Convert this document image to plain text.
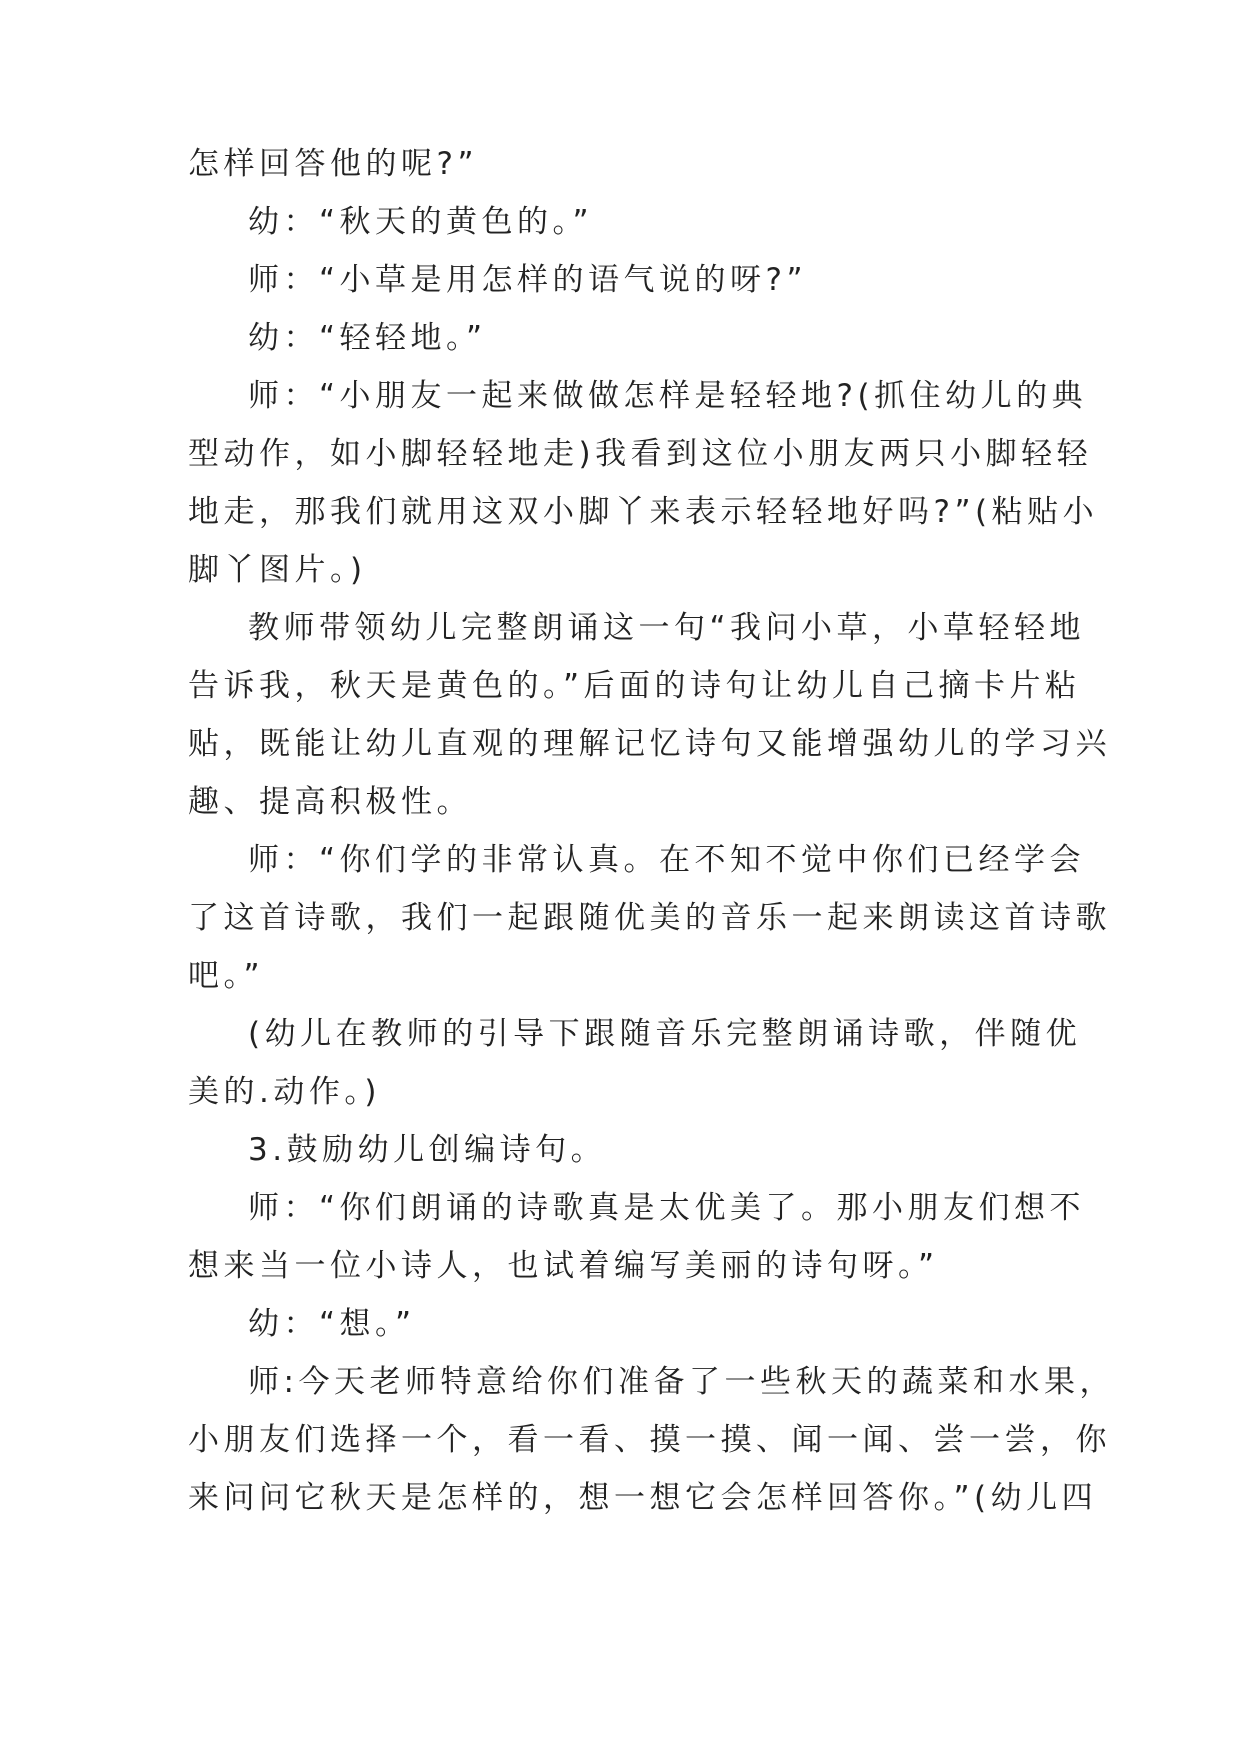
怎样回答他的呢?”
幼：“秋天的黄色的。”
师：“小草是用怎样的语气说的呀?”
幼：“轻轻地。”
师：“小朋友一起来做做怎样是轻轻地?(抓住幼儿的典
型动作，如小脚轻轻地走)我看到这位小朋友两只小脚轻轻
地走，那我们就用这双小脚丫来表示轻轻地好吗?”(粘贴小
脚丫图片。)
教师带领幼儿完整朗诵这一句“我问小草，小草轻轻地
告诉我，秋天是黄色的。”后面的诗句让幼儿自己摘卡片粘
贴，既能让幼儿直观的理解记忆诗句又能增强幼儿的学习兴
趣、提高积极性。
师：“你们学的非常认真。在不知不觉中你们已经学会
了这首诗歌，我们一起跟随优美的音乐一起来朗读这首诗歌
吧。”
(幼儿在教师的引导下跟随音乐完整朗诵诗歌，伴随优
美的.动作。)
3.鼓励幼儿创编诗句。
师：“你们朗诵的诗歌真是太优美了。那小朋友们想不
想来当一位小诗人，也试着编写美丽的诗句呀。”
幼：“想。”
师:今天老师特意给你们准备了一些秋天的蔬菜和水果，
小朋友们选择一个，看一看、摸一摸、闻一闻、尝一尝，你
来问问它秋天是怎样的，想一想它会怎样回答你。”(幼儿四
